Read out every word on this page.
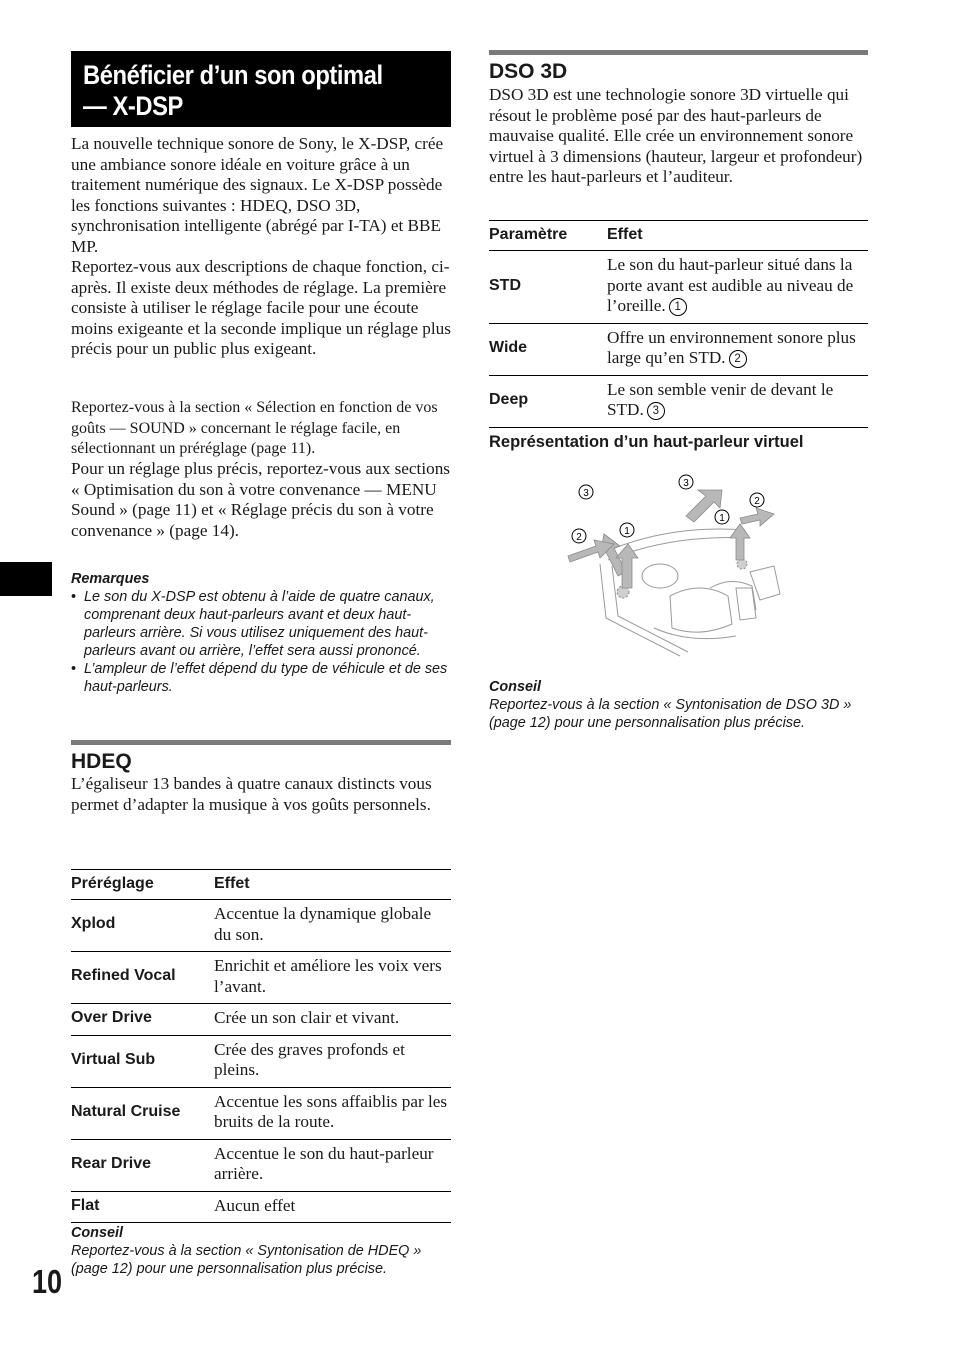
Bénéficier d’un son optimal
— X-DSP

La nouvelle technique sonore de Sony, le X-DSP, crée une ambiance sonore idéale en voiture grâce à un traitement numérique des signaux. Le X-DSP possède les fonctions suivantes : HDEQ, DSO 3D, synchronisation intelligente (abrégé par I-TA) et BBE MP.

Reportez-vous aux descriptions de chaque fonction, ci-après. Il existe deux méthodes de réglage. La première consiste à utiliser le réglage facile pour une écoute moins exigeante et la seconde implique un réglage plus précis pour un public plus exigeant.

Reportez-vous à la section « Sélection en fonction de vos goûts — SOUND » concernant le réglage facile, en sélectionnant un préréglage (page 11).

Pour un réglage plus précis, reportez-vous aux sections « Optimisation du son à votre convenance — MENU Sound » (page 11) et « Réglage précis du son à votre convenance » (page 14).

Remarques
• Le son du X-DSP est obtenu à l’aide de quatre canaux, comprenant deux haut-parleurs avant et deux haut-parleurs arrière. Si vous utilisez uniquement des haut-parleurs avant ou arrière, l’effet sera aussi prononcé.
• L’ampleur de l’effet dépend du type de véhicule et de ses haut-parleurs.
HDEQ

L’égaliseur 13 bandes à quatre canaux distincts vous permet d’adapter la musique à vos goûts personnels.

Préréglage	Effet
Xplod	Accentue la dynamique globale du son.
Refined Vocal	Enrichit et améliore les voix vers l’avant.
Over Drive	Crée un son clair et vivant.
Virtual Sub	Crée des graves profonds et pleins.
Natural Cruise	Accentue les sons affaiblis par les bruits de la route.
Rear Drive	Accentue le son du haut-parleur arrière.
Flat	Aucun effet
Conseil
Reportez-vous à la section « Syntonisation de HDEQ » (page 12) pour une personnalisation plus précise.
10
DSO 3D

DSO 3D est une technologie sonore 3D virtuelle qui résout le problème posé par des haut-parleurs de mauvaise qualité. Elle crée un environnement sonore virtuel à 3 dimensions (hauteur, largeur et profondeur) entre les haut-parleurs et l’auditeur.

Paramètre	Effet
STD	Le son du haut-parleur situé dans la porte avant est audible au niveau de l’oreille. 1
Wide	Offre un environnement sonore plus large qu’en STD. 2
Deep	Le son semble venir de devant le STD. 3
Représentation d’un haut-parleur virtuel
3
2
1
3
2
1
Conseil
Reportez-vous à la section « Syntonisation de DSO 3D » (page 12) pour une personnalisation plus précise.
